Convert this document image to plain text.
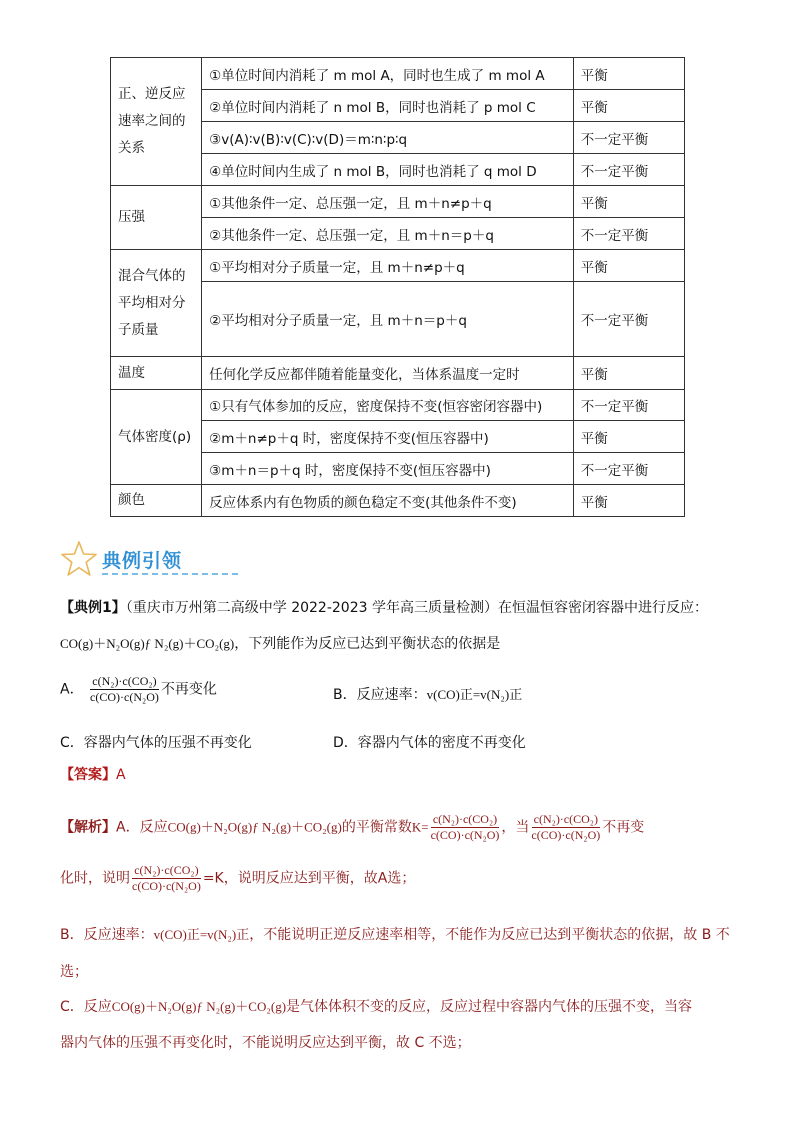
正、逆反应速率之间的关系	①单位时间内消耗了 m mol A，同时也生成了 m mol A	平衡
	②单位时间内消耗了 n mol B，同时也消耗了 p mol C	平衡
	③v(A)∶v(B)∶v(C)∶v(D)＝m∶n∶p∶q	不一定平衡
	④单位时间内生成了 n mol B，同时也消耗了 q mol D	不一定平衡
压强	①其他条件一定、总压强一定，且 m＋n≠p＋q	平衡
	②其他条件一定、总压强一定，且 m＋n＝p＋q	不一定平衡
混合气体的平均相对分子质量	①平均相对分子质量一定，且 m＋n≠p＋q	平衡
	②平均相对分子质量一定，且 m＋n＝p＋q	不一定平衡
温度	任何化学反应都伴随着能量变化，当体系温度一定时	平衡
气体密度(ρ)	①只有气体参加的反应，密度保持不变(恒容密闭容器中)	不一定平衡
	②m＋n≠p＋q 时，密度保持不变(恒压容器中)	平衡
	③m＋n＝p＋q 时，密度保持不变(恒压容器中)	不一定平衡
颜色	反应体系内有色物质的颜色稳定不变(其他条件不变)	平衡
典例引领
【典例1】（重庆市万州第二高级中学 2022-2023 学年高三质量检测）在恒温恒容密闭容器中进行反应：
CO(g)＋N₂O(g)ƒ N₂(g)＋CO₂(g)，下列能作为反应已达到平衡状态的依据是
A． $\frac{\text{c(N₂)·c(CO₂)}}{\text{c(CO)·c(N₂O)}}$ 不再变化	B．反应速率：v(CO)正=v(N₂)正
C．容器内气体的压强不再变化	D．容器内气体的密度不再变化
【答案】A
【解析】A．反应CO(g)＋N₂O(g)ƒ N₂(g)＋CO₂(g)的平衡常数$K= \frac{\text{c(N₂)·c(CO₂)}}{\text{c(CO)·c(N₂O)}}$ ，当 $\frac{\text{c(N₂)·c(CO₂)}}{\text{c(CO)·c(N₂O)}}$ 不再变
化时，说明 $\frac{\text{c(N₂)·c(CO₂)}}{\text{c(CO)·c(N₂O)}} =K$，说明反应达到平衡，故A选；
B．反应速率：v(CO)正=v(N₂)正，不能说明正逆反应速率相等，不能作为反应已达到平衡状态的依据，故 B 不
选；
C．反应CO(g)＋N₂O(g)ƒ N₂(g)＋CO₂(g)是气体体积不变的反应，反应过程中容器内气体的压强不变，当容
器内气体的压强不再变化时，不能说明反应达到平衡，故 C 不选；
